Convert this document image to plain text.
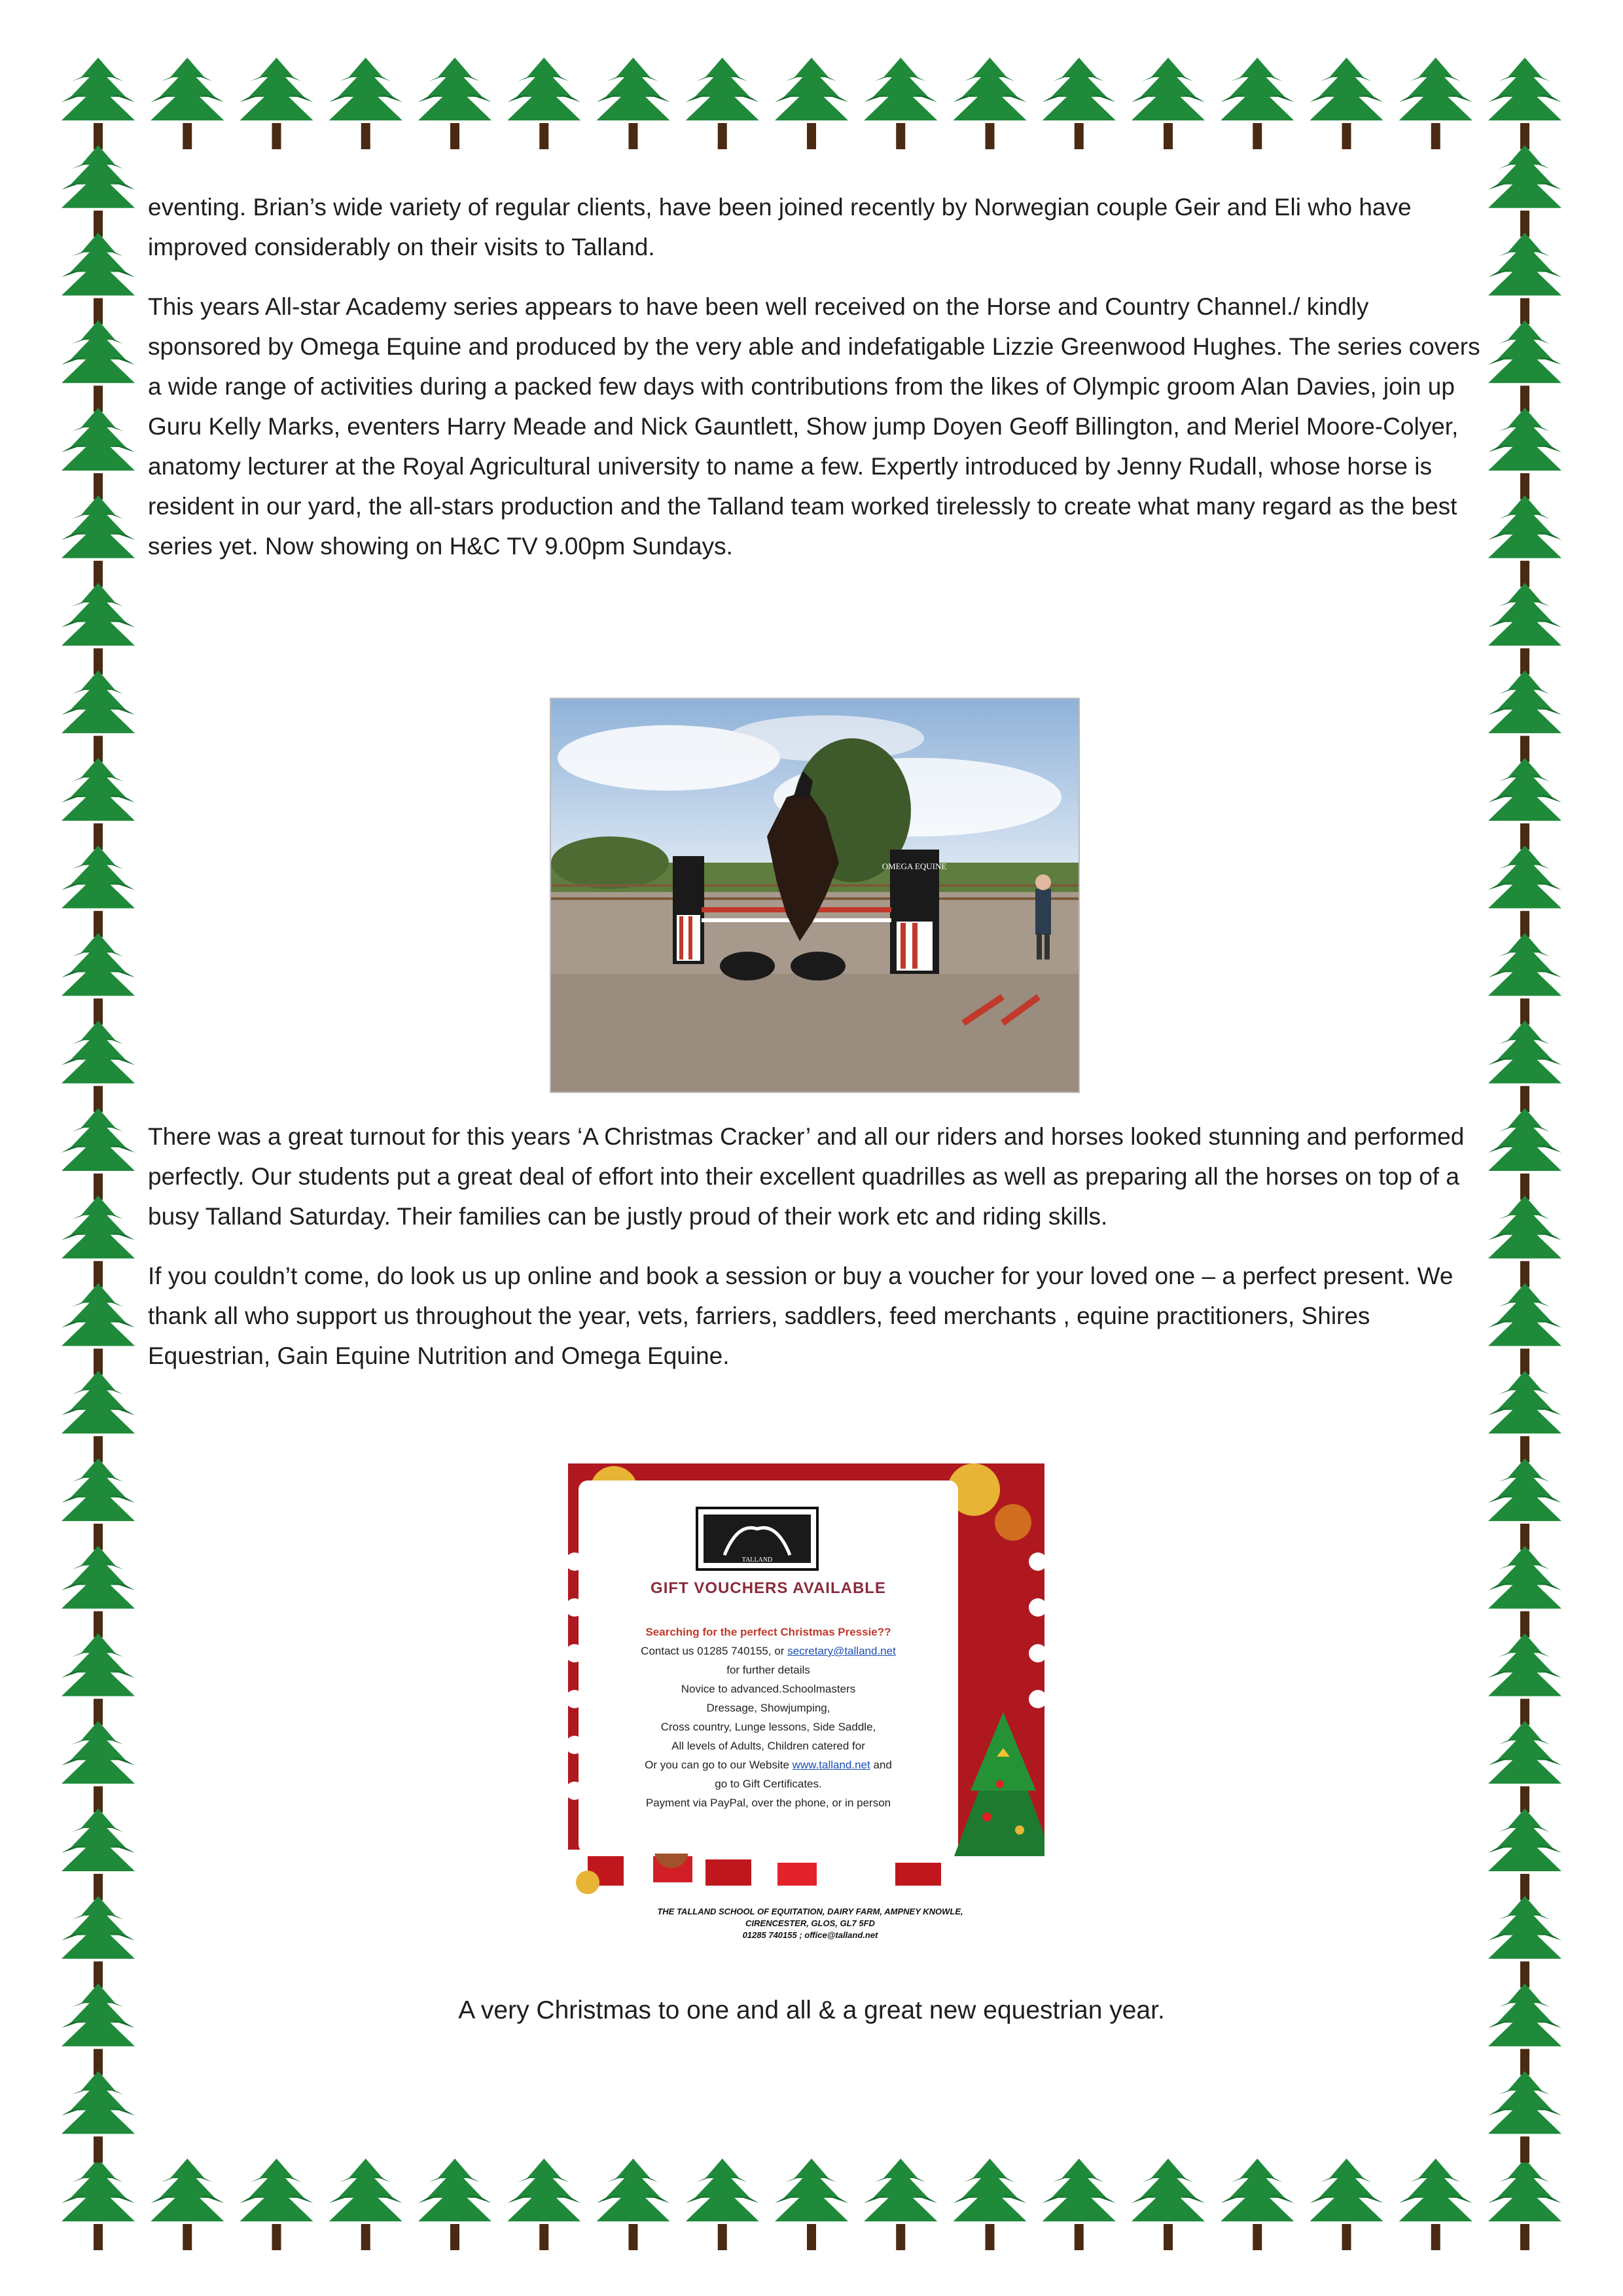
eventing. Brian’s wide variety of regular clients, have been joined recently by Norwegian couple Geir and Eli who have improved considerably on their visits to Talland.

This years All-star Academy series appears to have been well received on the Horse and Country Channel./ kindly sponsored by Omega Equine and produced by the very able and indefatigable Lizzie Greenwood Hughes. The series covers a wide range of activities during a packed few days with contributions from the likes of Olympic groom Alan Davies, join up Guru Kelly Marks, eventers Harry Meade and Nick Gauntlett, Show jump Doyen Geoff Billington, and Meriel Moore-Colyer, anatomy lecturer at the Royal Agricultural university to name a few. Expertly introduced by Jenny Rudall, whose horse is resident in our yard, the all-stars production and the Talland team worked tirelessly to create what many regard as the best series yet. Now showing on H&C TV 9.00pm Sundays.

OMEGA EQUINE

There was a great turnout for this years ‘A Christmas Cracker’ and all our riders and horses looked stunning and performed perfectly. Our students put a great deal of effort into their excellent quadrilles as well as preparing all the horses on top of a busy Talland Saturday. Their families can be justly proud of their work etc and riding skills.

If you couldn’t come, do look us up online and book a session or buy a voucher for your loved one – a perfect present. We thank all who support us throughout the year, vets, farriers, saddlers, feed merchants , equine practitioners, Shires Equestrian, Gain Equine Nutrition and Omega Equine.

GIFT VOUCHERS AVAILABLE
Searching for the perfect Christmas Pressie??
Contact us 01285 740155, or secretary@talland.net
for further details
Novice to advanced.Schoolmasters
Dressage, Showjumping,
Cross country, Lunge lessons, Side Saddle,
All levels of Adults, Children catered for
Or you can go to our Website www.talland.net and
go to Gift Certificates.
Payment via PayPal, over the phone, or in person
TALLAND
THE TALLAND SCHOOL OF EQUITATION, DAIRY FARM, AMPNEY KNOWLE,
CIRENCESTER, GLOS, GL7 5FD
01285 740155 ; office@talland.net
A very Christmas to one and all & a great new equestrian year.
